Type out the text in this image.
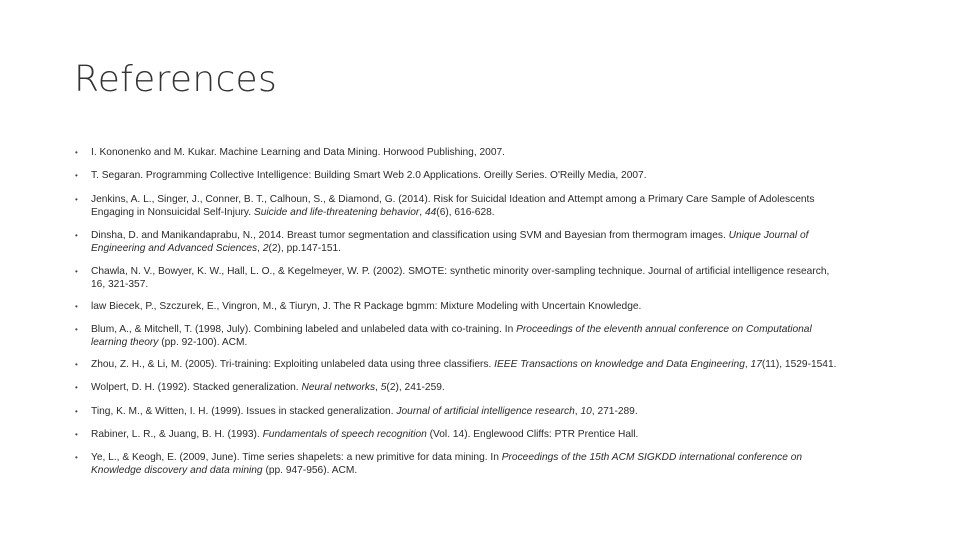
References
• I. Kononenko and M. Kukar. Machine Learning and Data Mining. Horwood Publishing, 2007.
• T. Segaran. Programming Collective Intelligence: Building Smart Web 2.0 Applications. Oreilly Series. O'Reilly Media, 2007.
• Jenkins, A. L., Singer, J., Conner, B. T., Calhoun, S., & Diamond, G. (2014). Risk for Suicidal Ideation and Attempt among a Primary Care Sample of Adolescents
Engaging in Nonsuicidal Self-Injury. Suicide and life-threatening behavior, 44(6), 616-628.
• Dinsha, D. and Manikandaprabu, N., 2014. Breast tumor segmentation and classification using SVM and Bayesian from thermogram images. Unique Journal of
Engineering and Advanced Sciences, 2(2), pp.147-151.
• Chawla, N. V., Bowyer, K. W., Hall, L. O., & Kegelmeyer, W. P. (2002). SMOTE: synthetic minority over-sampling technique. Journal of artificial intelligence research,
16, 321-357.
• law Biecek, P., Szczurek, E., Vingron, M., & Tiuryn, J. The R Package bgmm: Mixture Modeling with Uncertain Knowledge.
• Blum, A., & Mitchell, T. (1998, July). Combining labeled and unlabeled data with co-training. In Proceedings of the eleventh annual conference on Computational
learning theory (pp. 92-100). ACM.
• Zhou, Z. H., & Li, M. (2005). Tri-training: Exploiting unlabeled data using three classifiers. IEEE Transactions on knowledge and Data Engineering, 17(11), 1529-1541.
• Wolpert, D. H. (1992). Stacked generalization. Neural networks, 5(2), 241-259.
• Ting, K. M., & Witten, I. H. (1999). Issues in stacked generalization. Journal of artificial intelligence research, 10, 271-289.
• Rabiner, L. R., & Juang, B. H. (1993). Fundamentals of speech recognition (Vol. 14). Englewood Cliffs: PTR Prentice Hall.
• Ye, L., & Keogh, E. (2009, June). Time series shapelets: a new primitive for data mining. In Proceedings of the 15th ACM SIGKDD international conference on
Knowledge discovery and data mining (pp. 947-956). ACM.
